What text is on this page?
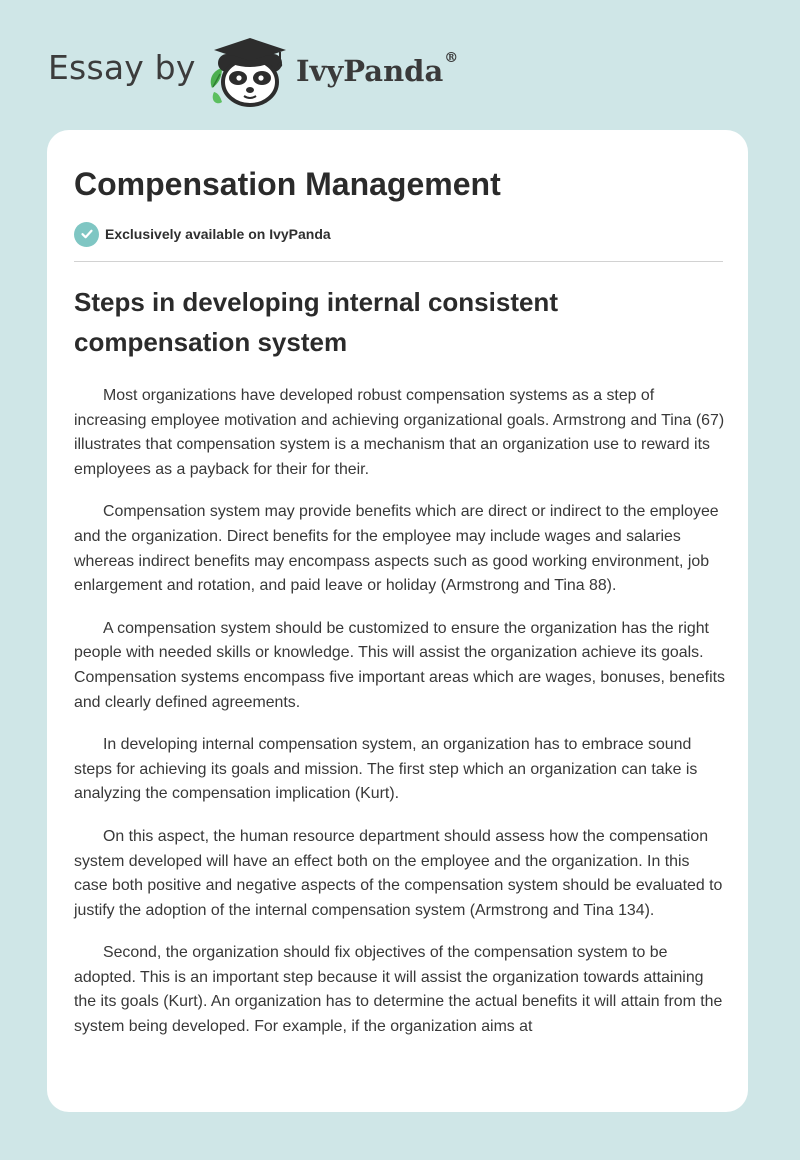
Essay by	IvyPanda®
Compensation Management
Exclusively available on IvyPanda
Steps in developing internal consistent compensation system

Most organizations have developed robust compensation systems as a step of increasing employee motivation and achieving organizational goals. Armstrong and Tina (67) illustrates that compensation system is a mechanism that an organization use to reward its employees as a payback for their for their.

Compensation system may provide benefits which are direct or indirect to the employee and the organization. Direct benefits for the employee may include wages and salaries whereas indirect benefits may encompass aspects such as good working environment, job enlargement and rotation, and paid leave or holiday (Armstrong and Tina 88).

A compensation system should be customized to ensure the organization has the right people with needed skills or knowledge. This will assist the organization achieve its goals. Compensation systems encompass five important areas which are wages, bonuses, benefits and clearly defined agreements.

In developing internal compensation system, an organization has to embrace sound steps for achieving its goals and mission. The first step which an organization can take is analyzing the compensation implication (Kurt).

On this aspect, the human resource department should assess how the compensation system developed will have an effect both on the employee and the organization. In this case both positive and negative aspects of the compensation system should be evaluated to justify the adoption of the internal compensation system (Armstrong and Tina 134).

Second, the organization should fix objectives of the compensation system to be adopted. This is an important step because it will assist the organization towards attaining the its goals (Kurt). An organization has to determine the actual benefits it will attain from the system being developed. For example, if the organization aims at
